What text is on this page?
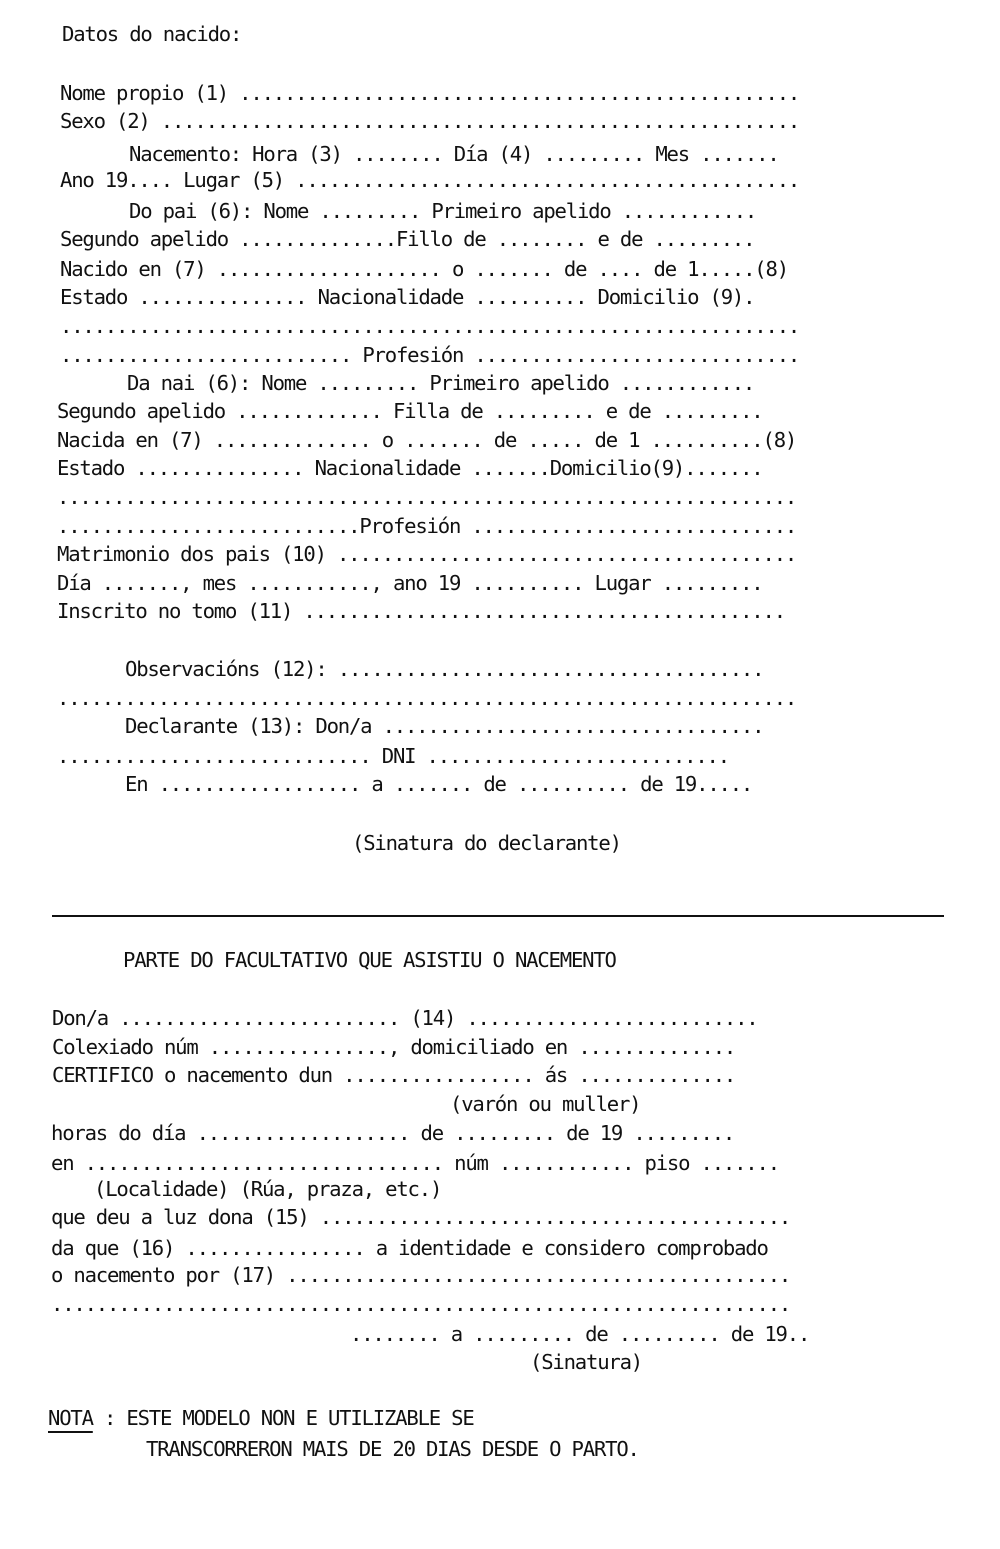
Datos do nacido:
Nome propio (1) ..................................................
Sexo (2) .........................................................
Nacemento: Hora (3) ........ Día (4) ......... Mes .......
Ano 19.... Lugar (5) .............................................
Do pai (6): Nome ......... Primeiro apelido ............
Segundo apelido ..............Fillo de ........ e de .........
Nacido en (7) .................... o ....... de .... de 1.....(8)
Estado ............... Nacionalidade .......... Domicilio (9).
..................................................................
.......................... Profesión .............................
Da nai (6): Nome ......... Primeiro apelido ............
Segundo apelido ............. Filla de ......... e de .........
Nacida en (7) .............. o ....... de ..... de 1 ..........(8)
Estado ............... Nacionalidade .......Domicilio(9).......
..................................................................
...........................Profesión .............................
Matrimonio dos pais (10) .........................................
Día ......., mes ..........., ano 19 .......... Lugar .........
Inscrito no tomo (11) ...........................................
Observacións (12): ......................................
..................................................................
Declarante (13): Don/a ..................................
............................ DNI ...........................
En .................. a ....... de .......... de 19.....
(Sinatura do declarante)
PARTE DO FACULTATIVO QUE ASISTIU O NACEMENTO
Don/a ......................... (14) ..........................
Colexiado núm ................, domiciliado en ..............
CERTIFICO o nacemento dun ................. ás ..............
(varón ou muller)
horas do día ................... de ......... de 19 .........
en ................................ núm ............ piso .......
(Localidade) (Rúa, praza, etc.)
que deu a luz dona (15) ..........................................
da que (16) ................ a identidade e considero comprobado
o nacemento por (17) .............................................
..................................................................
........ a ......... de ......... de 19..
(Sinatura)
NOTA : ESTE MODELO NON E UTILIZABLE SE
TRANSCORRERON MAIS DE 20 DIAS DESDE O PARTO.
